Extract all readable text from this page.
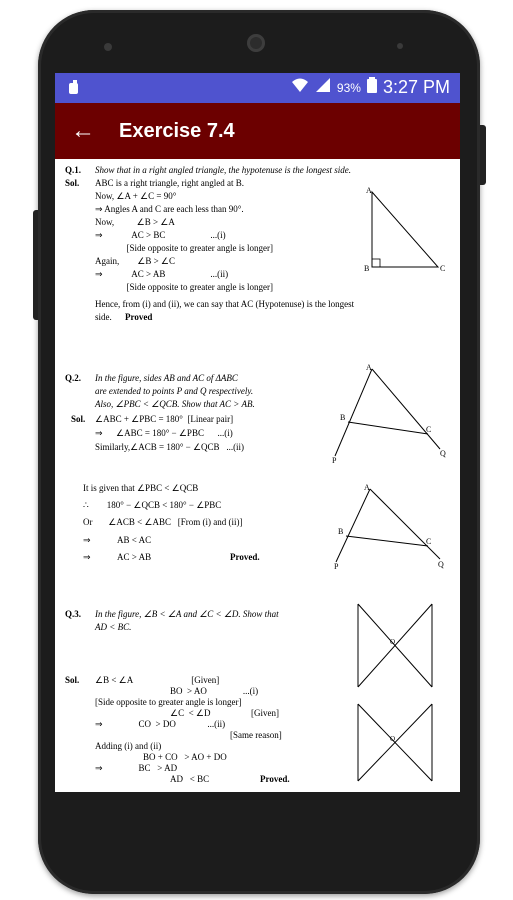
93% 3:27 PM
←	Exercise 7.4
Q.1. Show that in a right angled triangle, the hypotenuse is the longest side.
Sol. ABC is a right triangle, right angled at B.
Now, ∠A + ∠C = 90°
⇒ Angles A and C are each less than 90°.
Now,          ∠B > ∠A
⇒             AC > BC                    ...(i)
[Side opposite to greater angle is longer]
Again,        ∠B > ∠C
⇒             AC > AB                    ...(ii)
[Side opposite to greater angle is longer]
Hence, from (i) and (ii), we can say that AC (Hypotenuse) is the longest
side. Proved
A
B	C
Q.2. In the figure, sides AB and AC of ΔABC
are extended to points P and Q respectively.
Also, ∠PBC < ∠QCB. Show that AC > AB.
Sol. ∠ABC + ∠PBC = 180°  [Linear pair]
⇒      ∠ABC = 180° − ∠PBC      ...(i)
Similarly,∠ACB = 180° − ∠QCB   ...(ii)
A
B
C
P
Q
It is given that ∠PBC < ∠QCB
∴        180° − ∠QCB < 180° − ∠PBC
Or       ∠ACB < ∠ABC   [From (i) and (ii)]
⇒            AB < AC
⇒            AC > AB	Proved.
A
B
C
P	Q
Q.3. In the figure, ∠B < ∠A and ∠C < ∠D. Show that
AD < BC.
O
Sol. ∠B < ∠A                          [Given]
BO  > AO                ...(i)
[Side opposite to greater angle is longer]
∠C  < ∠D                  [Given]
⇒                CO  > DO              ...(ii)
[Same reason]
Adding (i) and (ii)
BO + CO   > AO + DO
⇒                BC   > AD
AD   < BC	Proved.
O
